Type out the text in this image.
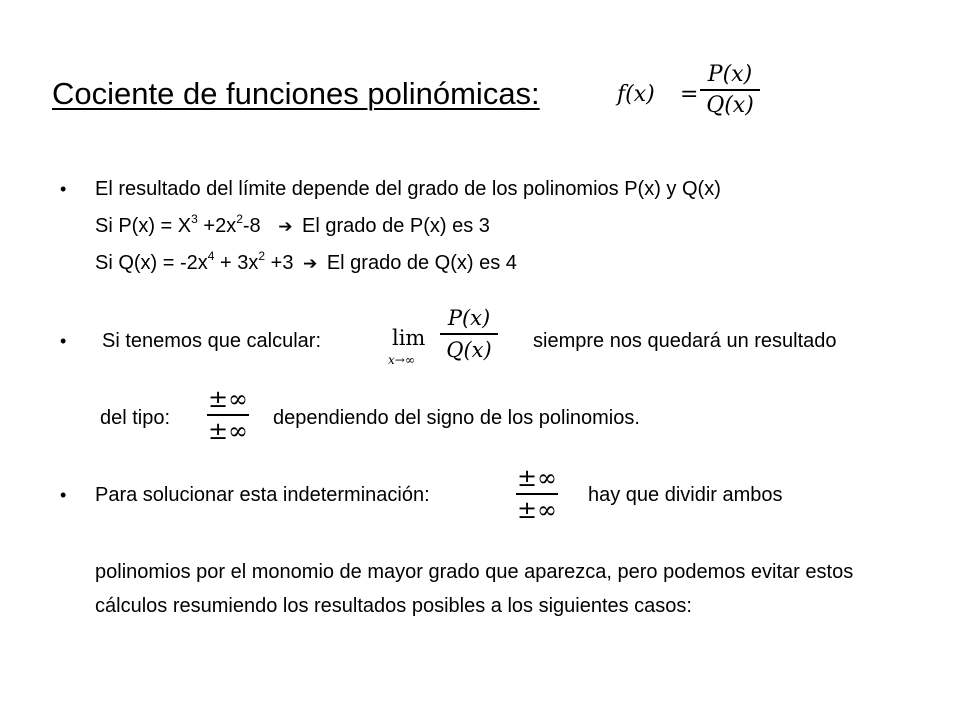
Cociente de funciones polinómicas:	f(x) =
P(x)
Q(x)
• El resultado del límite depende del grado de los polinomios P(x) y Q(x)
Si $P(x) = X^3 +2x^2-8$ ➔ El grado de P(x) es 3
Si $Q(x) = -2x^4 + 3x^2 +3$ ➔ El grado de Q(x) es 4
• Si tenemos que calcular:	lim
x→∞
P(x)
Q(x) siempre nos quedará un resultado
del tipo:
±∞
±∞ dependiendo del signo de los polinomios.
• Para solucionar esta indeterminación:
±∞
±∞
hay que dividir ambos
polinomios por el monomio de mayor grado que aparezca, pero podemos evitar estos cálculos resumiendo los resultados posibles a los siguientes casos:
